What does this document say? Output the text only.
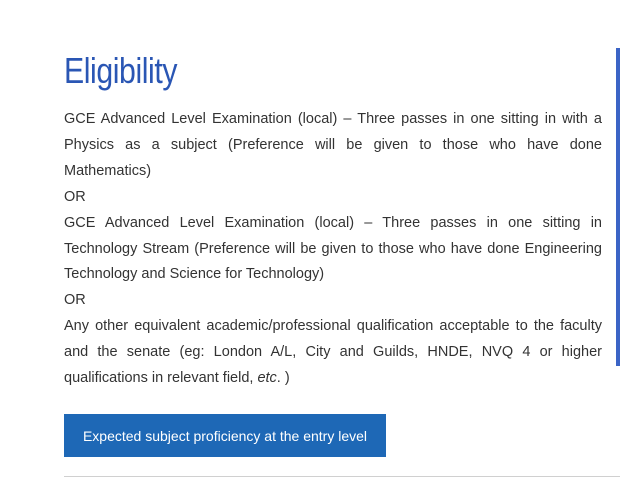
Eligibility

GCE Advanced Level Examination (local) – Three passes in one sitting in with a Physics as a subject (Preference will be given to those who have done Mathematics)

OR

GCE Advanced Level Examination (local) – Three passes in one sitting in Technology Stream (Preference will be given to those who have done Engineering Technology and Science for Technology)

OR

Any other equivalent academic/professional qualification acceptable to the faculty and the senate (eg: London A/L, City and Guilds, HNDE, NVQ 4 or higher qualifications in relevant field, etc. )

Expected subject proficiency at the entry level
